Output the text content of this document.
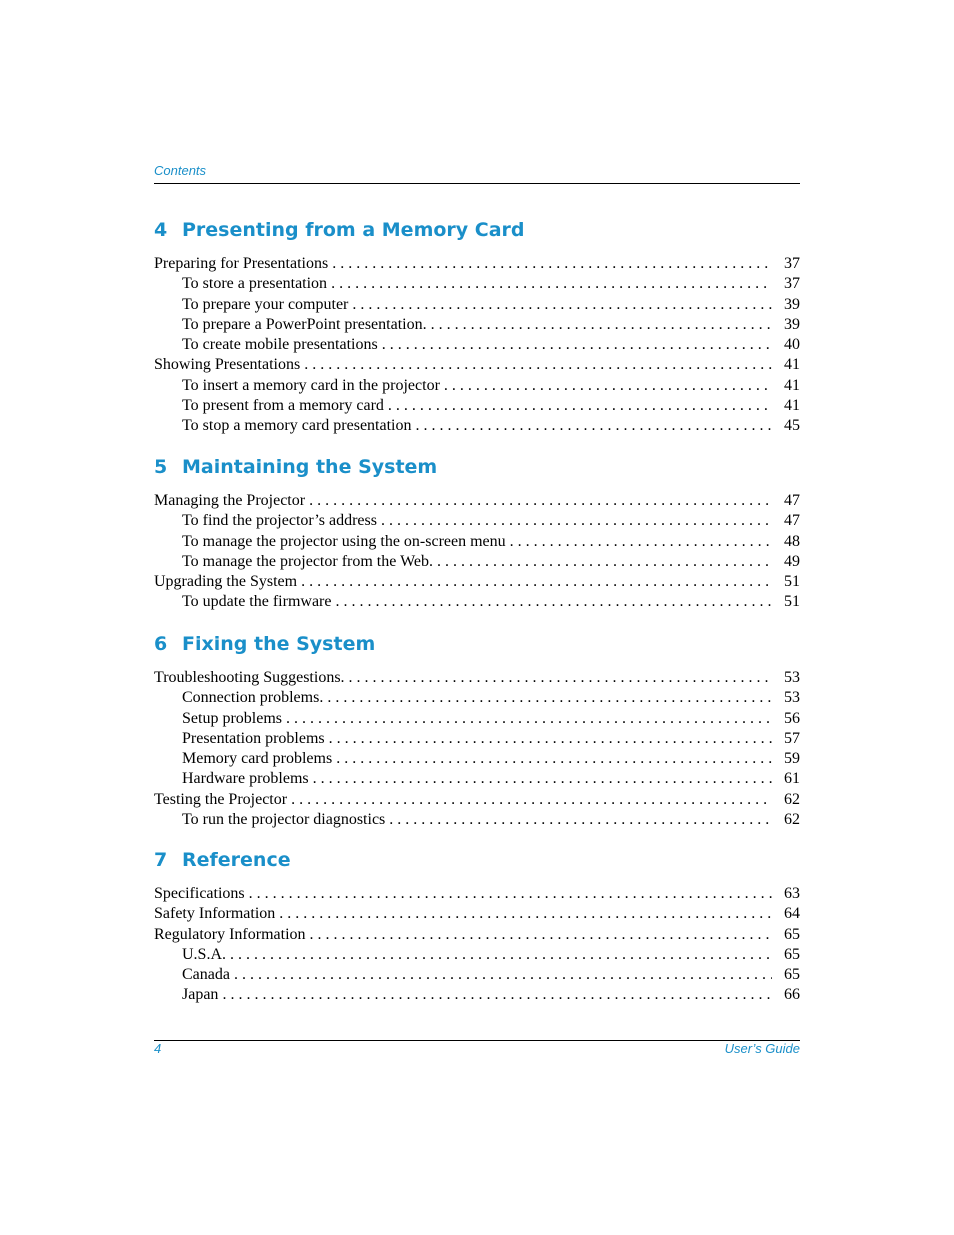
Contents
4 Presenting from a Memory Card
Preparing for Presentations . . .	37
To store a presentation . . .	37
To prepare your computer . . .	39
To prepare a PowerPoint presentation. . . .	39
To create mobile presentations . . .	40
Showing Presentations . . .	41
To insert a memory card in the projector . . .	41
To present from a memory card . . .	41
To stop a memory card presentation . . .	45
5 Maintaining the System
Managing the Projector . . .	47
To find the projector’s address . . .	47
To manage the projector using the on-screen menu . . .	48
To manage the projector from the Web. . . .	49
Upgrading the System . . .	51
To update the firmware . . .	51
6 Fixing the System
Troubleshooting Suggestions. . . .	53
Connection problems. . . .	53
Setup problems . . .	56
Presentation problems . . .	57
Memory card problems . . .	59
Hardware problems . . .	61
Testing the Projector . . .	62
To run the projector diagnostics . . .	62
7 Reference
Specifications . . .	63
Safety Information . . .	64
Regulatory Information . . .	65
U.S.A. . . .	65
Canada . . .	65
Japan . . .	66
4	User’s Guide
